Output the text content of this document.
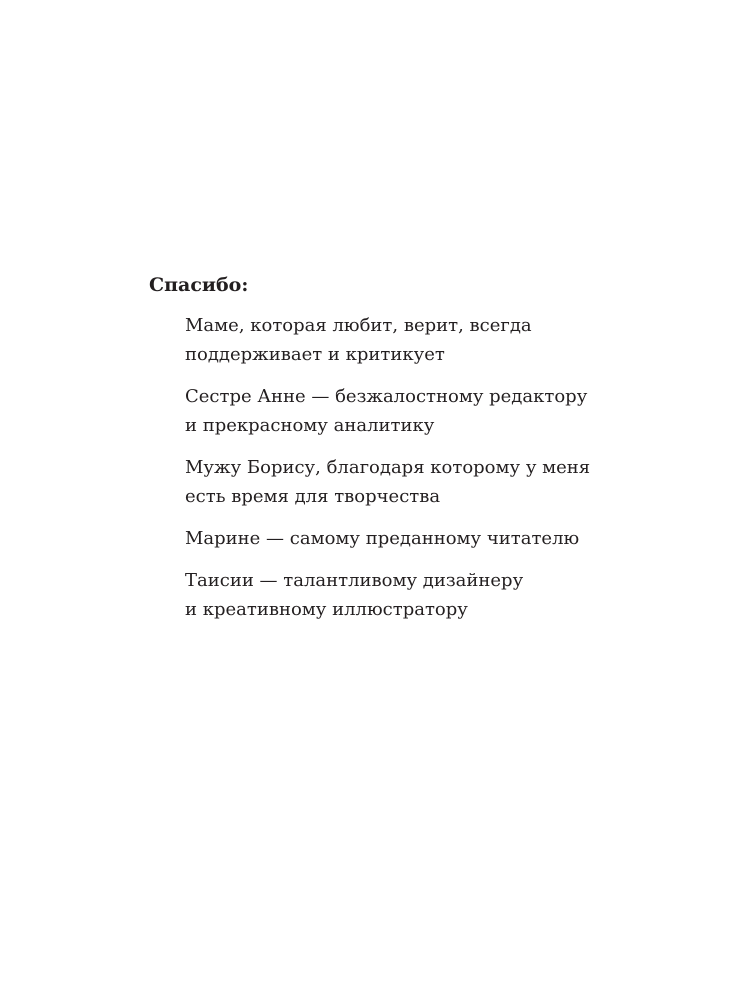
Спасибо:
Маме, которая любит, верит, всегда
поддерживает и критикует
Сестре Анне — безжалостному редактору
и прекрасному аналитику
Мужу Борису, благодаря которому у меня
есть время для творчества
Марине — самому преданному читателю
Таисии — талантливому дизайнеру
и креативному иллюстратору
